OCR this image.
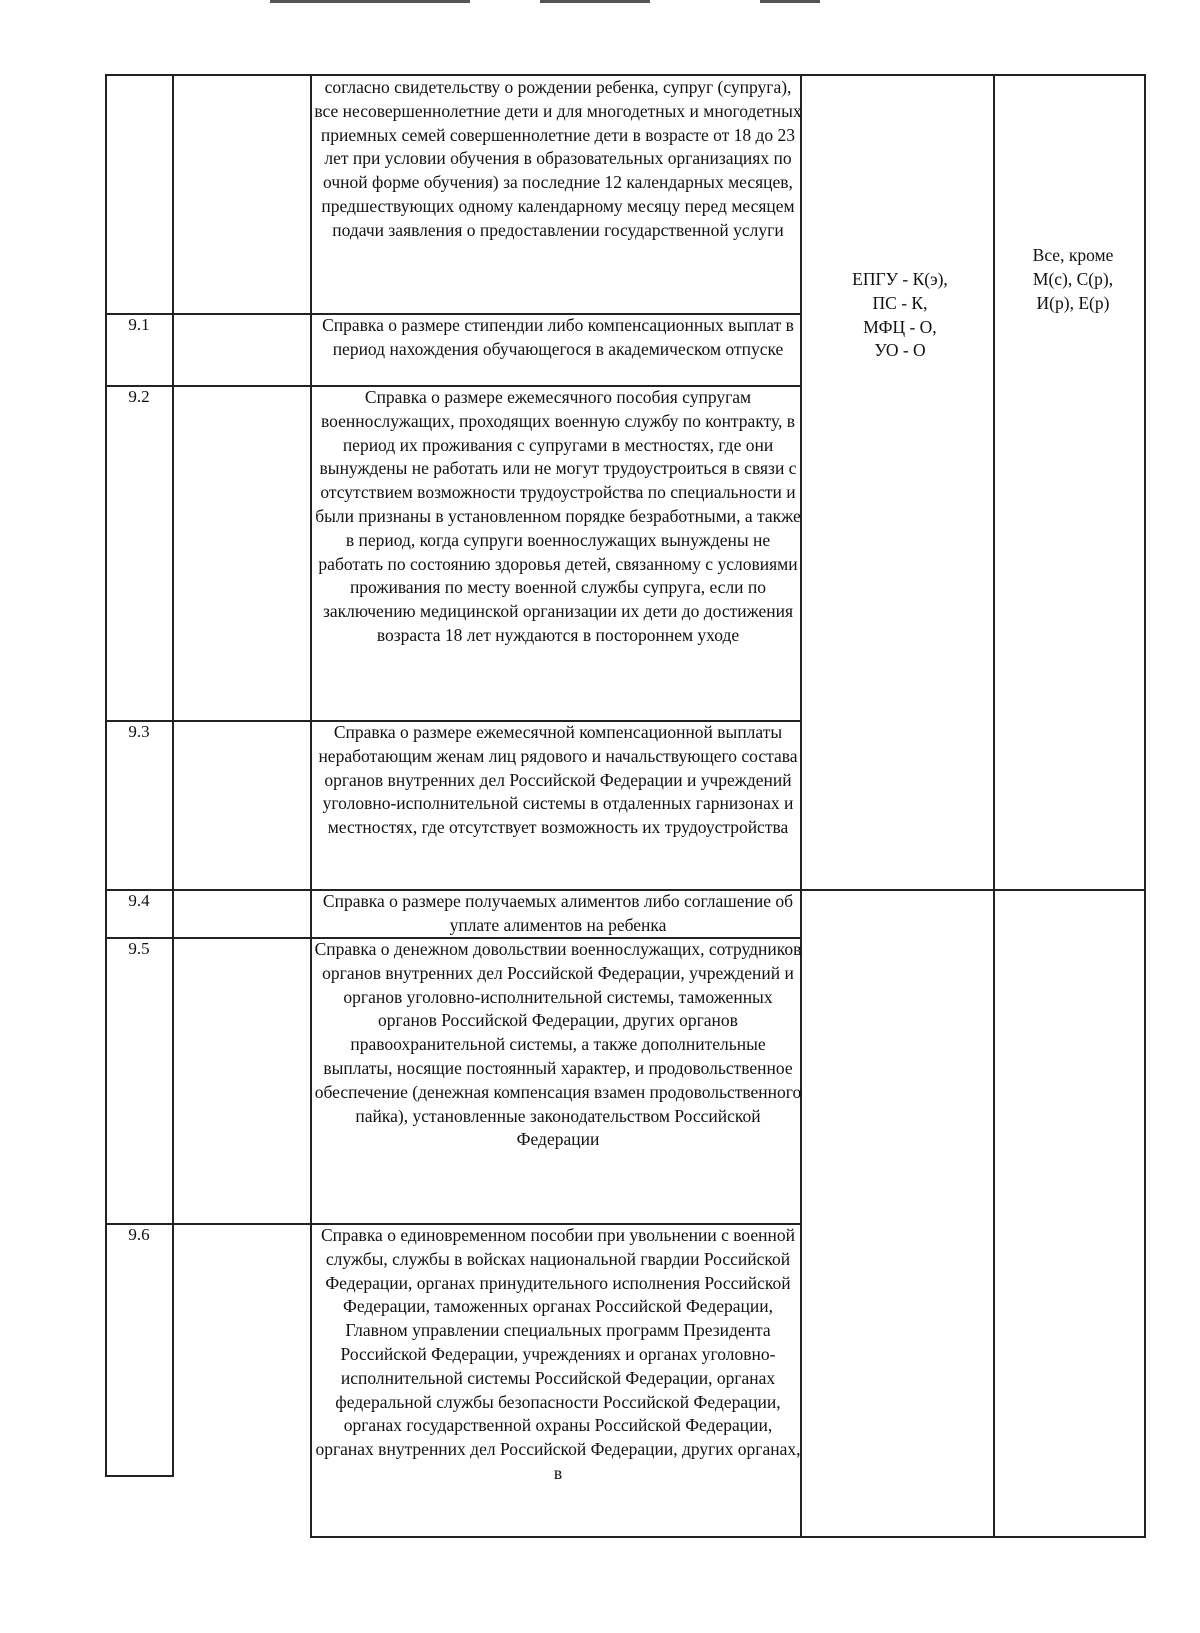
9.1
9.2
9.3
9.4
9.5
9.6

согласно свидетельству о рождении ребенка, супруг (супруга), все несовершеннолетние дети и для многодетных и многодетных приемных семей совершеннолетние дети в возрасте от 18 до 23 лет при условии обучения в образовательных организациях по очной форме обучения) за последние 12 календарных месяцев, предшествующих одному календарному месяцу перед месяцем подачи заявления о предоставлении государственной услуги

Справка о размере стипендии либо компенсационных выплат в период нахождения обучающегося в академическом отпуске

Справка о размере ежемесячного пособия супругам военнослужащих, проходящих военную службу по контракту, в период их проживания с супругами в местностях, где они вынуждены не работать или не могут трудоустроиться в связи с отсутствием возможности трудоустройства по специальности и были признаны в установленном порядке безработными, а также в период, когда супруги военнослужащих вынуждены не работать по состоянию здоровья детей, связанному с условиями проживания по месту военной службы супруга, если по заключению медицинской организации их дети до достижения возраста 18 лет нуждаются в постороннем уходе

Справка о размере ежемесячной компенсационной выплаты неработающим женам лиц рядового и начальствующего состава органов внутренних дел Российской Федерации и учреждений уголовно-исполнительной системы в отдаленных гарнизонах и местностях, где отсутствует возможность их трудоустройства

Справка о размере получаемых алиментов либо соглашение об уплате алиментов на ребенка

Справка о денежном довольствии военнослужащих, сотрудников органов внутренних дел Российской Федерации, учреждений и органов уголовно-исполнительной системы, таможенных органов Российской Федерации, других органов правоохранительной системы, а также дополнительные выплаты, носящие постоянный характер, и продовольственное обеспечение (денежная компенсация взамен продовольственного пайка), установленные законодательством Российской Федерации

Справка о единовременном пособии при увольнении с военной службы, службы в войсках национальной гвардии Российской Федерации, органах принудительного исполнения Российской Федерации, таможенных органах Российской Федерации, Главном управлении специальных программ Президента Российской Федерации, учреждениях и органах уголовно-исполнительной системы Российской Федерации, органах федеральной службы безопасности Российской Федерации, органах государственной охраны Российской Федерации, органах внутренних дел Российской Федерации, других органах, в

ЕПГУ - К(э),
ПС - К,
МФЦ - О,
УО - О
Все, кроме
М(с), С(р),
И(р), Е(р)
